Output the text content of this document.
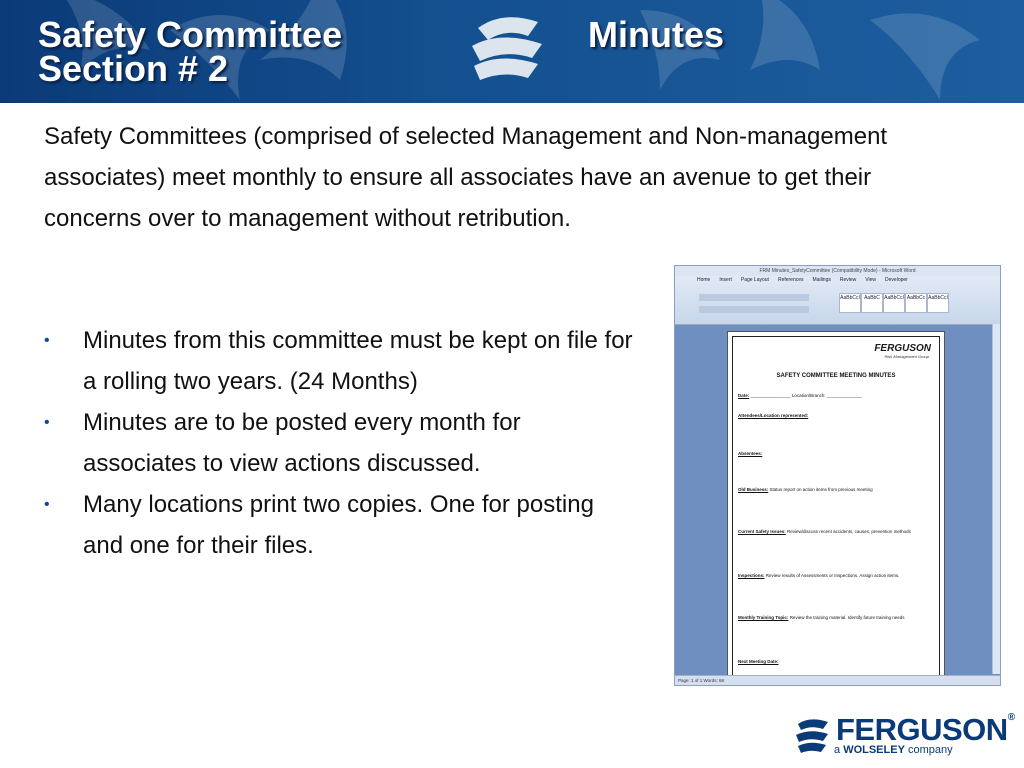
Safety Committee
Section # 2
Minutes
Safety Committees (comprised of selected Management and Non-management associates) meet monthly to ensure all associates have an avenue to get their concerns over to management without retribution.
• Minutes from this committee must be kept on file for a rolling two years. (24 Months)
• Minutes are to be posted every month for associates to view actions discussed.
• Many locations print two copies. One for posting and one for their files.
FRM Minutes_SafetyCommittee (Compatibility Mode) - Microsoft Word
Home Insert Page Layout References Mailings Review View Developer
AaBbCcI AaBbC AaBbCcI AaBbCc AaBbCcI
FERGUSON
Risk Management Group
SAFETY COMMITTEE MEETING MINUTES
Date: ________________ Location/Branch: ______________
Attendees/Location represented:
Absentees:
Old Business: Status report on action items from previous meeting
Current Safety Issues: Review/discuss recent accidents, causes, prevention methods
Inspections: Review results of Assessments or Inspections. Assign action items.
Monthly Training Topic: Review the training material. Identify future training needs
Next Meeting Date:
Page: 1 of 1 Words: 68
FERGUSON®
a WOLSELEY company
